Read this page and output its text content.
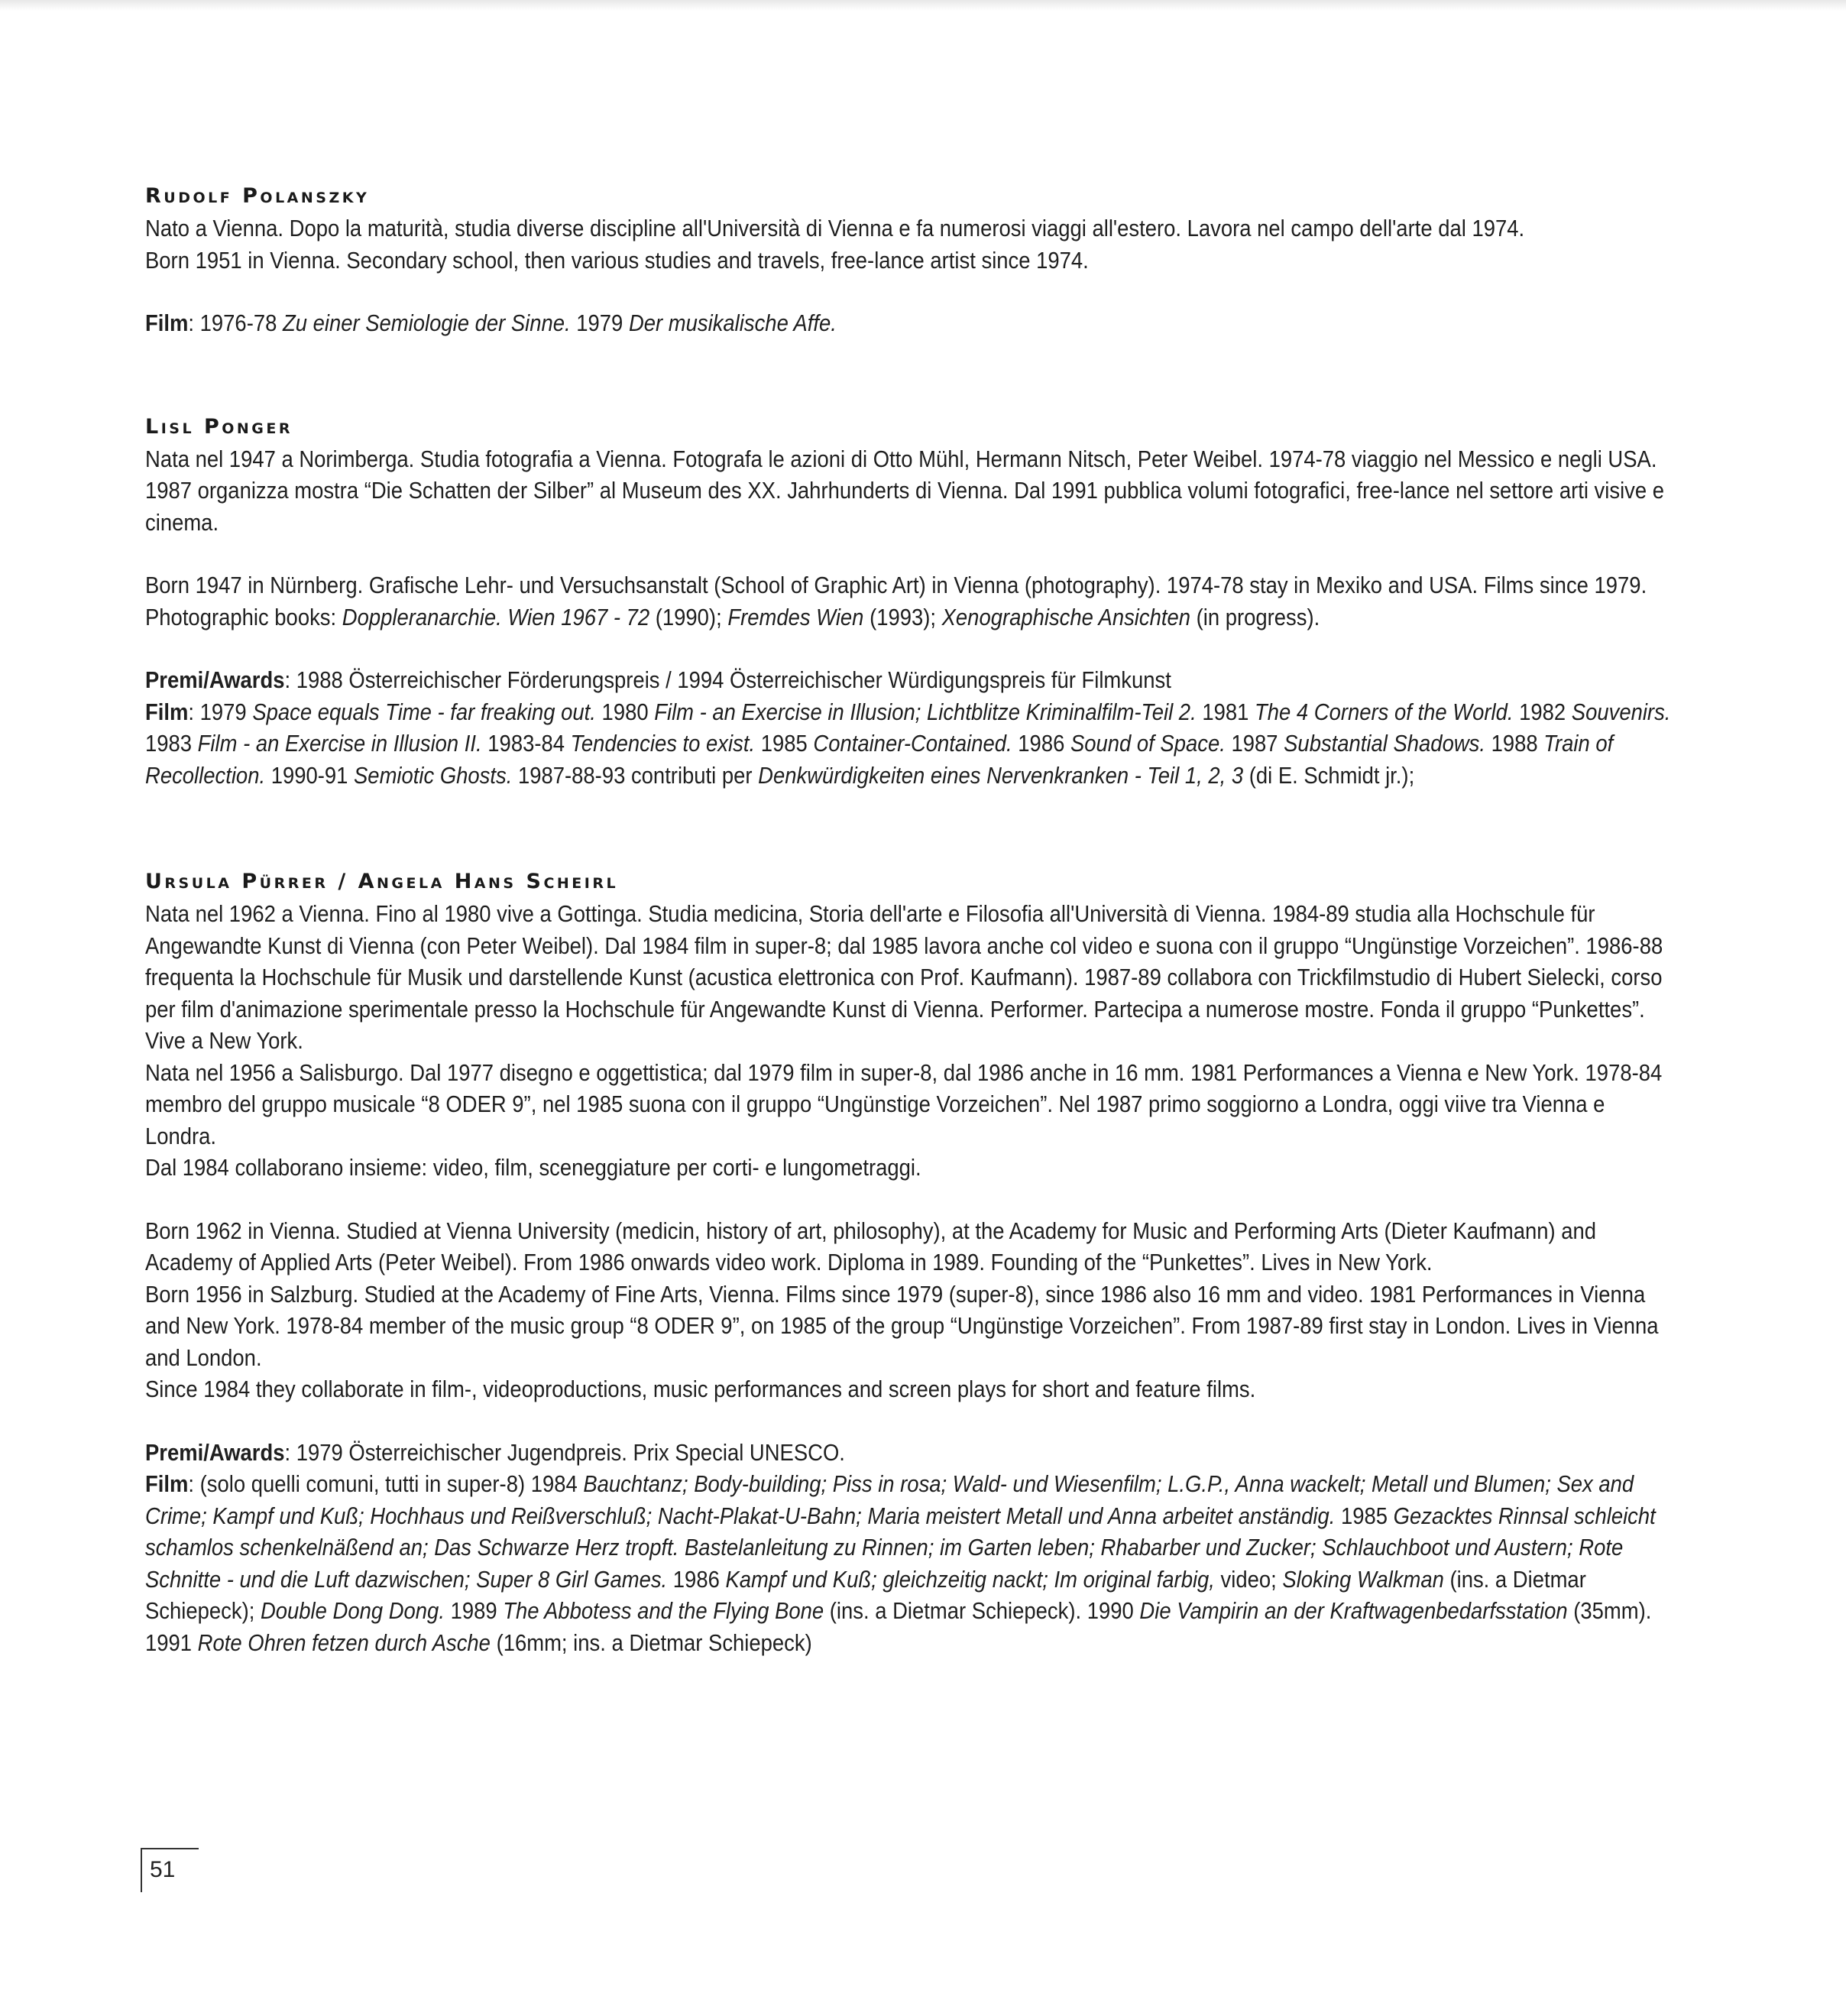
Rudolf Polanszky

Nato a Vienna. Dopo la maturità, studia diverse discipline all'Università di Vienna e fa numerosi viaggi all'estero. Lavora nel campo dell'arte dal 1974.

Born 1951 in Vienna. Secondary school, then various studies and travels, free-lance artist since 1974.

Film: 1976-78 Zu einer Semiologie der Sinne. 1979 Der musikalische Affe.

Lisl Ponger

Nata nel 1947 a Norimberga. Studia fotografia a Vienna. Fotografa le azioni di Otto Mühl, Hermann Nitsch, Peter Weibel. 1974-78 viaggio nel Messico e negli USA. 1987 organizza mostra “Die Schatten der Silber” al Museum des XX. Jahrhunderts di Vienna. Dal 1991 pubblica volumi fotografici, free-lance nel settore arti visive e cinema.

Born 1947 in Nürnberg. Grafische Lehr- und Versuchsanstalt (School of Graphic Art) in Vienna (photography). 1974-78 stay in Mexiko and USA. Films since 1979. Photographic books: Doppleranarchie. Wien 1967 - 72 (1990); Fremdes Wien (1993); Xenographische Ansichten (in progress).

Premi/Awards: 1988 Österreichischer Förderungspreis / 1994 Österreichischer Würdigungspreis für Filmkunst

Film: 1979 Space equals Time - far freaking out. 1980 Film - an Exercise in Illusion; Lichtblitze Kriminalfilm-Teil 2. 1981 The 4 Corners of the World. 1982 Souvenirs. 1983 Film - an Exercise in Illusion II. 1983-84 Tendencies to exist. 1985 Container-Contained. 1986 Sound of Space. 1987 Substantial Shadows. 1988 Train of Recollection. 1990-91 Semiotic Ghosts. 1987-88-93 contributi per Denkwürdigkeiten eines Nervenkranken - Teil 1, 2, 3 (di E. Schmidt jr.);

Ursula Pürrer / Angela Hans Scheirl

Nata nel 1962 a Vienna. Fino al 1980 vive a Gottinga. Studia medicina, Storia dell'arte e Filosofia all'Università di Vienna. 1984-89 studia alla Hochschule für Angewandte Kunst di Vienna (con Peter Weibel). Dal 1984 film in super-8; dal 1985 lavora anche col video e suona con il gruppo “Ungünstige Vorzeichen”. 1986-88 frequenta la Hochschule für Musik und darstellende Kunst (acustica elettronica con Prof. Kaufmann). 1987-89 collabora con Trickfilmstudio di Hubert Sielecki, corso per film d'animazione sperimentale presso la Hochschule für Angewandte Kunst di Vienna. Performer. Partecipa a numerose mostre. Fonda il gruppo “Punkettes”. Vive a New York.

Nata nel 1956 a Salisburgo. Dal 1977 disegno e oggettistica; dal 1979 film in super-8, dal 1986 anche in 16 mm. 1981 Performances a Vienna e New York. 1978-84 membro del gruppo musicale “8 ODER 9”, nel 1985 suona con il gruppo “Ungünstige Vorzeichen”. Nel 1987 primo soggiorno a Londra, oggi viive tra Vienna e Londra.

Dal 1984 collaborano insieme: video, film, sceneggiature per corti- e lungometraggi.

Born 1962 in Vienna. Studied at Vienna University (medicin, history of art, philosophy), at the Academy for Music and Performing Arts (Dieter Kaufmann) and Academy of Applied Arts (Peter Weibel). From 1986 onwards video work. Diploma in 1989. Founding of the “Punkettes”. Lives in New York.

Born 1956 in Salzburg. Studied at the Academy of Fine Arts, Vienna. Films since 1979 (super-8), since 1986 also 16 mm and video. 1981 Performances in Vienna and New York. 1978-84 member of the music group “8 ODER 9”, on 1985 of the group “Ungünstige Vorzeichen”. From 1987-89 first stay in London. Lives in Vienna and London.

Since 1984 they collaborate in film-, videoproductions, music performances and screen plays for short and feature films.

Premi/Awards: 1979 Österreichischer Jugendpreis. Prix Special UNESCO.

Film: (solo quelli comuni, tutti in super-8) 1984 Bauchtanz; Body-building; Piss in rosa; Wald- und Wiesenfilm; L.G.P., Anna wackelt; Metall und Blumen; Sex and Crime; Kampf und Kuß; Hochhaus und Reißverschluß; Nacht-Plakat-U-Bahn; Maria meistert Metall und Anna arbeitet anständig. 1985 Gezacktes Rinnsal schleicht schamlos schenkelnäßend an; Das Schwarze Herz tropft. Bastelanleitung zu Rinnen; im Garten leben; Rhabarber und Zucker; Schlauchboot und Austern; Rote Schnitte - und die Luft dazwischen; Super 8 Girl Games. 1986 Kampf und Kuß; gleichzeitig nackt; Im original farbig, video; Sloking Walkman (ins. a Dietmar Schiepeck); Double Dong Dong. 1989 The Abbotess and the Flying Bone (ins. a Dietmar Schiepeck). 1990 Die Vampirin an der Kraftwagenbedarfsstation (35mm). 1991 Rote Ohren fetzen durch Asche (16mm; ins. a Dietmar Schiepeck)

51
